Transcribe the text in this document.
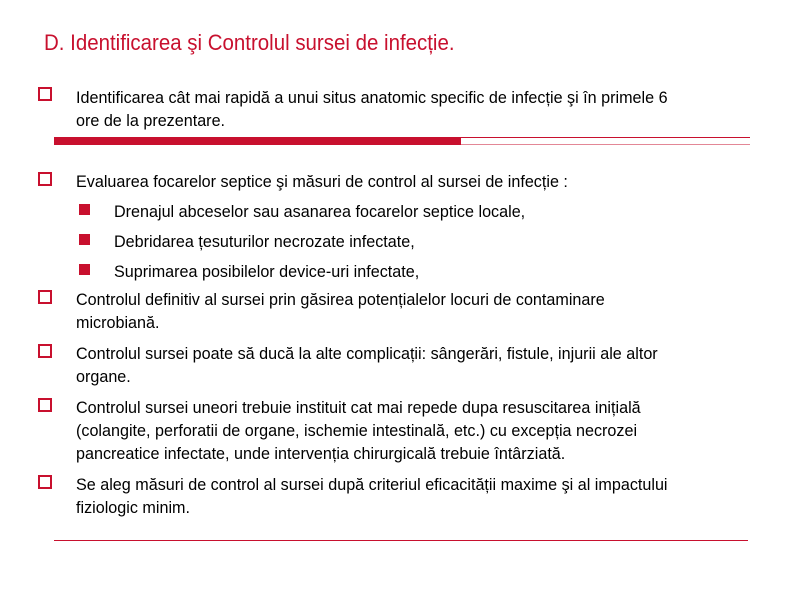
D. Identificarea şi Controlul sursei de infecție.
Identificarea cât mai rapidă a unui situs anatomic specific de infecție şi în primele 6
ore de la prezentare.
Evaluarea focarelor septice şi măsuri de control al sursei de infecție :
Drenajul abceselor sau asanarea focarelor septice locale,
Debridarea țesuturilor necrozate infectate,
Suprimarea posibilelor device-uri infectate,
Controlul definitiv al sursei prin găsirea potențialelor locuri de contaminare
microbiană.
Controlul sursei poate să ducă la alte complicații: sângerări, fistule, injurii ale altor
organe.
Controlul sursei uneori trebuie instituit cat mai repede dupa resuscitarea inițială
(colangite, perforatii de organe, ischemie intestinală, etc.) cu excepția necrozei
pancreatice infectate, unde intervenția chirurgicală trebuie întârziată.
Se aleg măsuri de control al sursei după criteriul eficacității maxime şi al impactului
fiziologic minim.
